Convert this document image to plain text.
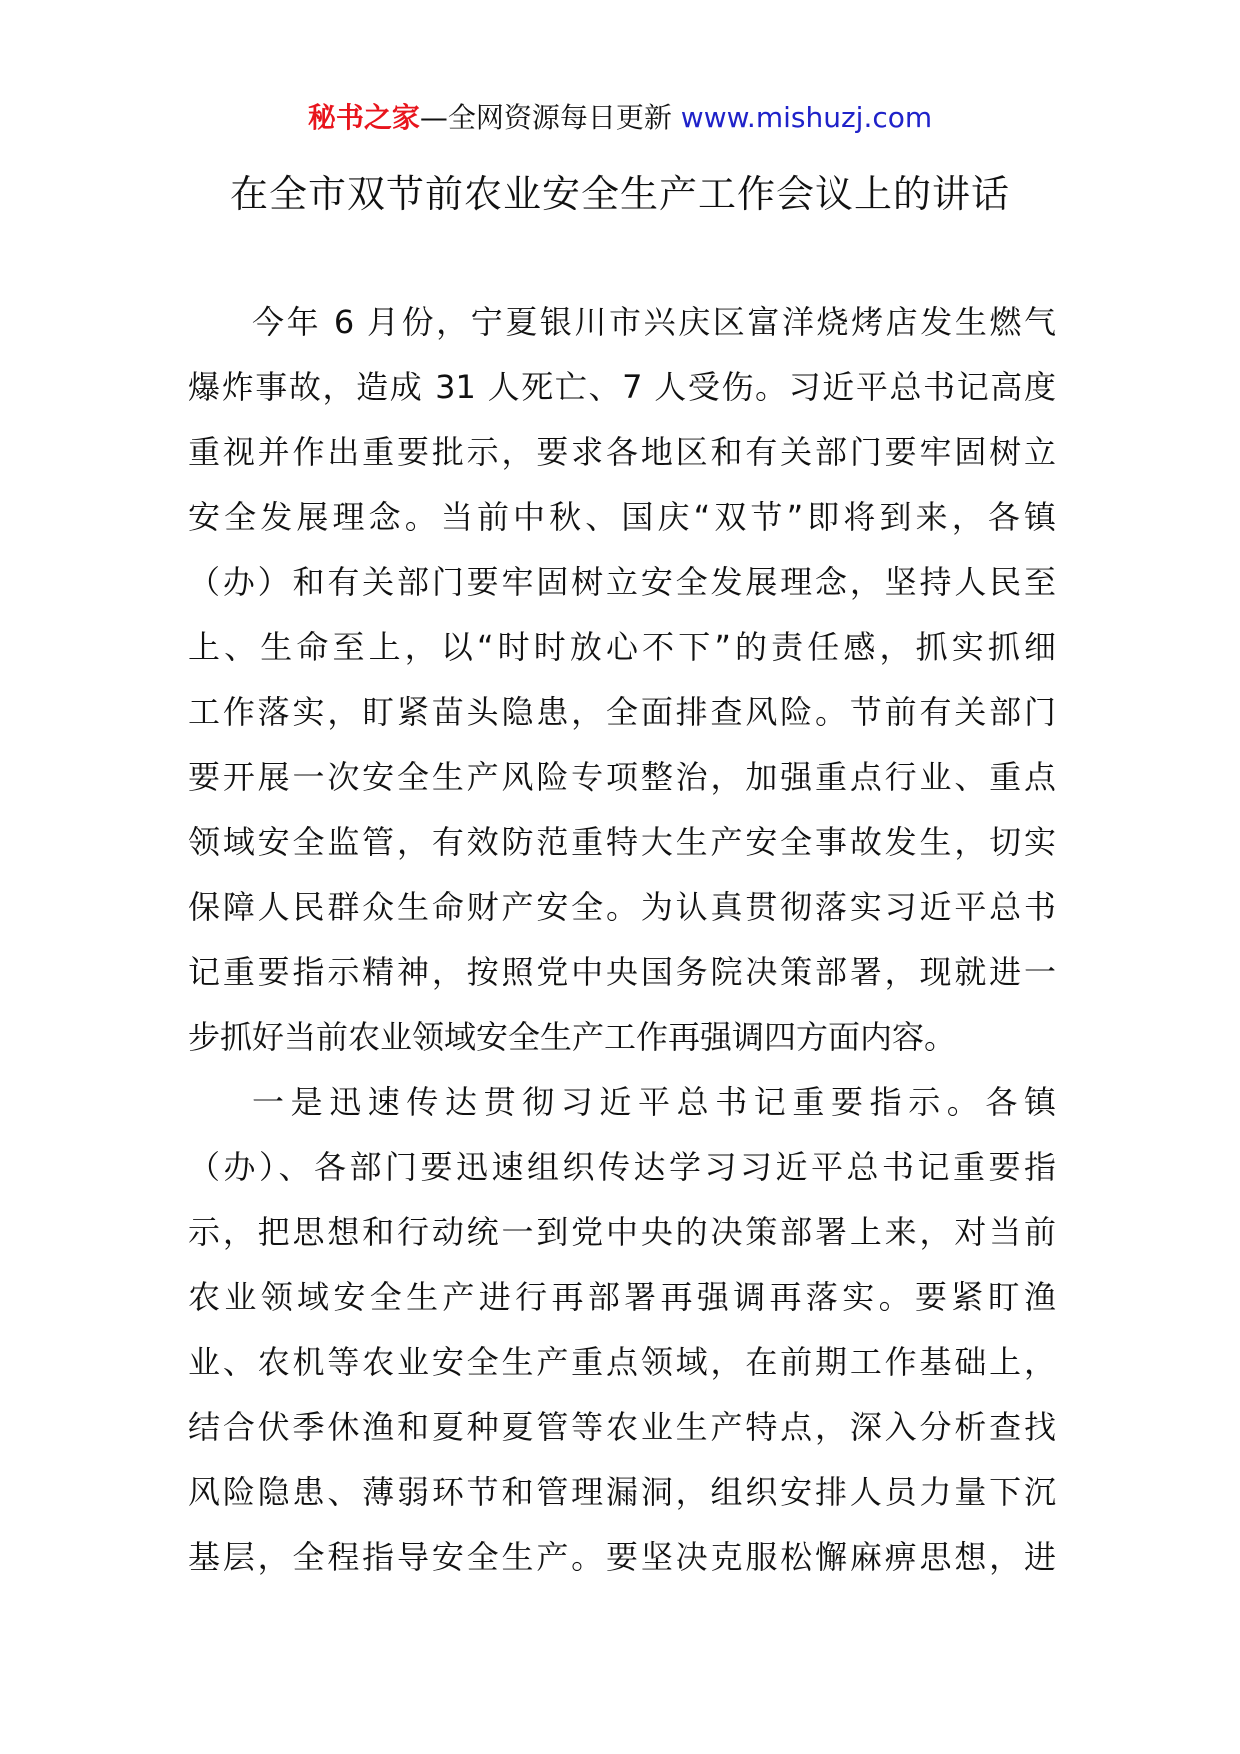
秘书之家—全网资源每日更新 www.mishuzj.com
在全市双节前农业安全生产工作会议上的讲话
今年 6 月份，宁夏银川市兴庆区富洋烧烤店发生燃气
爆炸事故，造成 31 人死亡、7 人受伤。习近平总书记高度
重视并作出重要批示，要求各地区和有关部门要牢固树立
安全发展理念。当前中秋、国庆“双节”即将到来，各镇
（办）和有关部门要牢固树立安全发展理念，坚持人民至
上、生命至上，以“时时放心不下”的责任感，抓实抓细
工作落实，盯紧苗头隐患，全面排查风险。节前有关部门
要开展一次安全生产风险专项整治，加强重点行业、重点
领域安全监管，有效防范重特大生产安全事故发生，切实
保障人民群众生命财产安全。为认真贯彻落实习近平总书
记重要指示精神，按照党中央国务院决策部署，现就进一
步抓好当前农业领域安全生产工作再强调四方面内容。
一是迅速传达贯彻习近平总书记重要指示。各镇
（办）、各部门要迅速组织传达学习习近平总书记重要指
示，把思想和行动统一到党中央的决策部署上来，对当前
农业领域安全生产进行再部署再强调再落实。要紧盯渔
业、农机等农业安全生产重点领域，在前期工作基础上，
结合伏季休渔和夏种夏管等农业生产特点，深入分析查找
风险隐患、薄弱环节和管理漏洞，组织安排人员力量下沉
基层，全程指导安全生产。要坚决克服松懈麻痹思想，进
